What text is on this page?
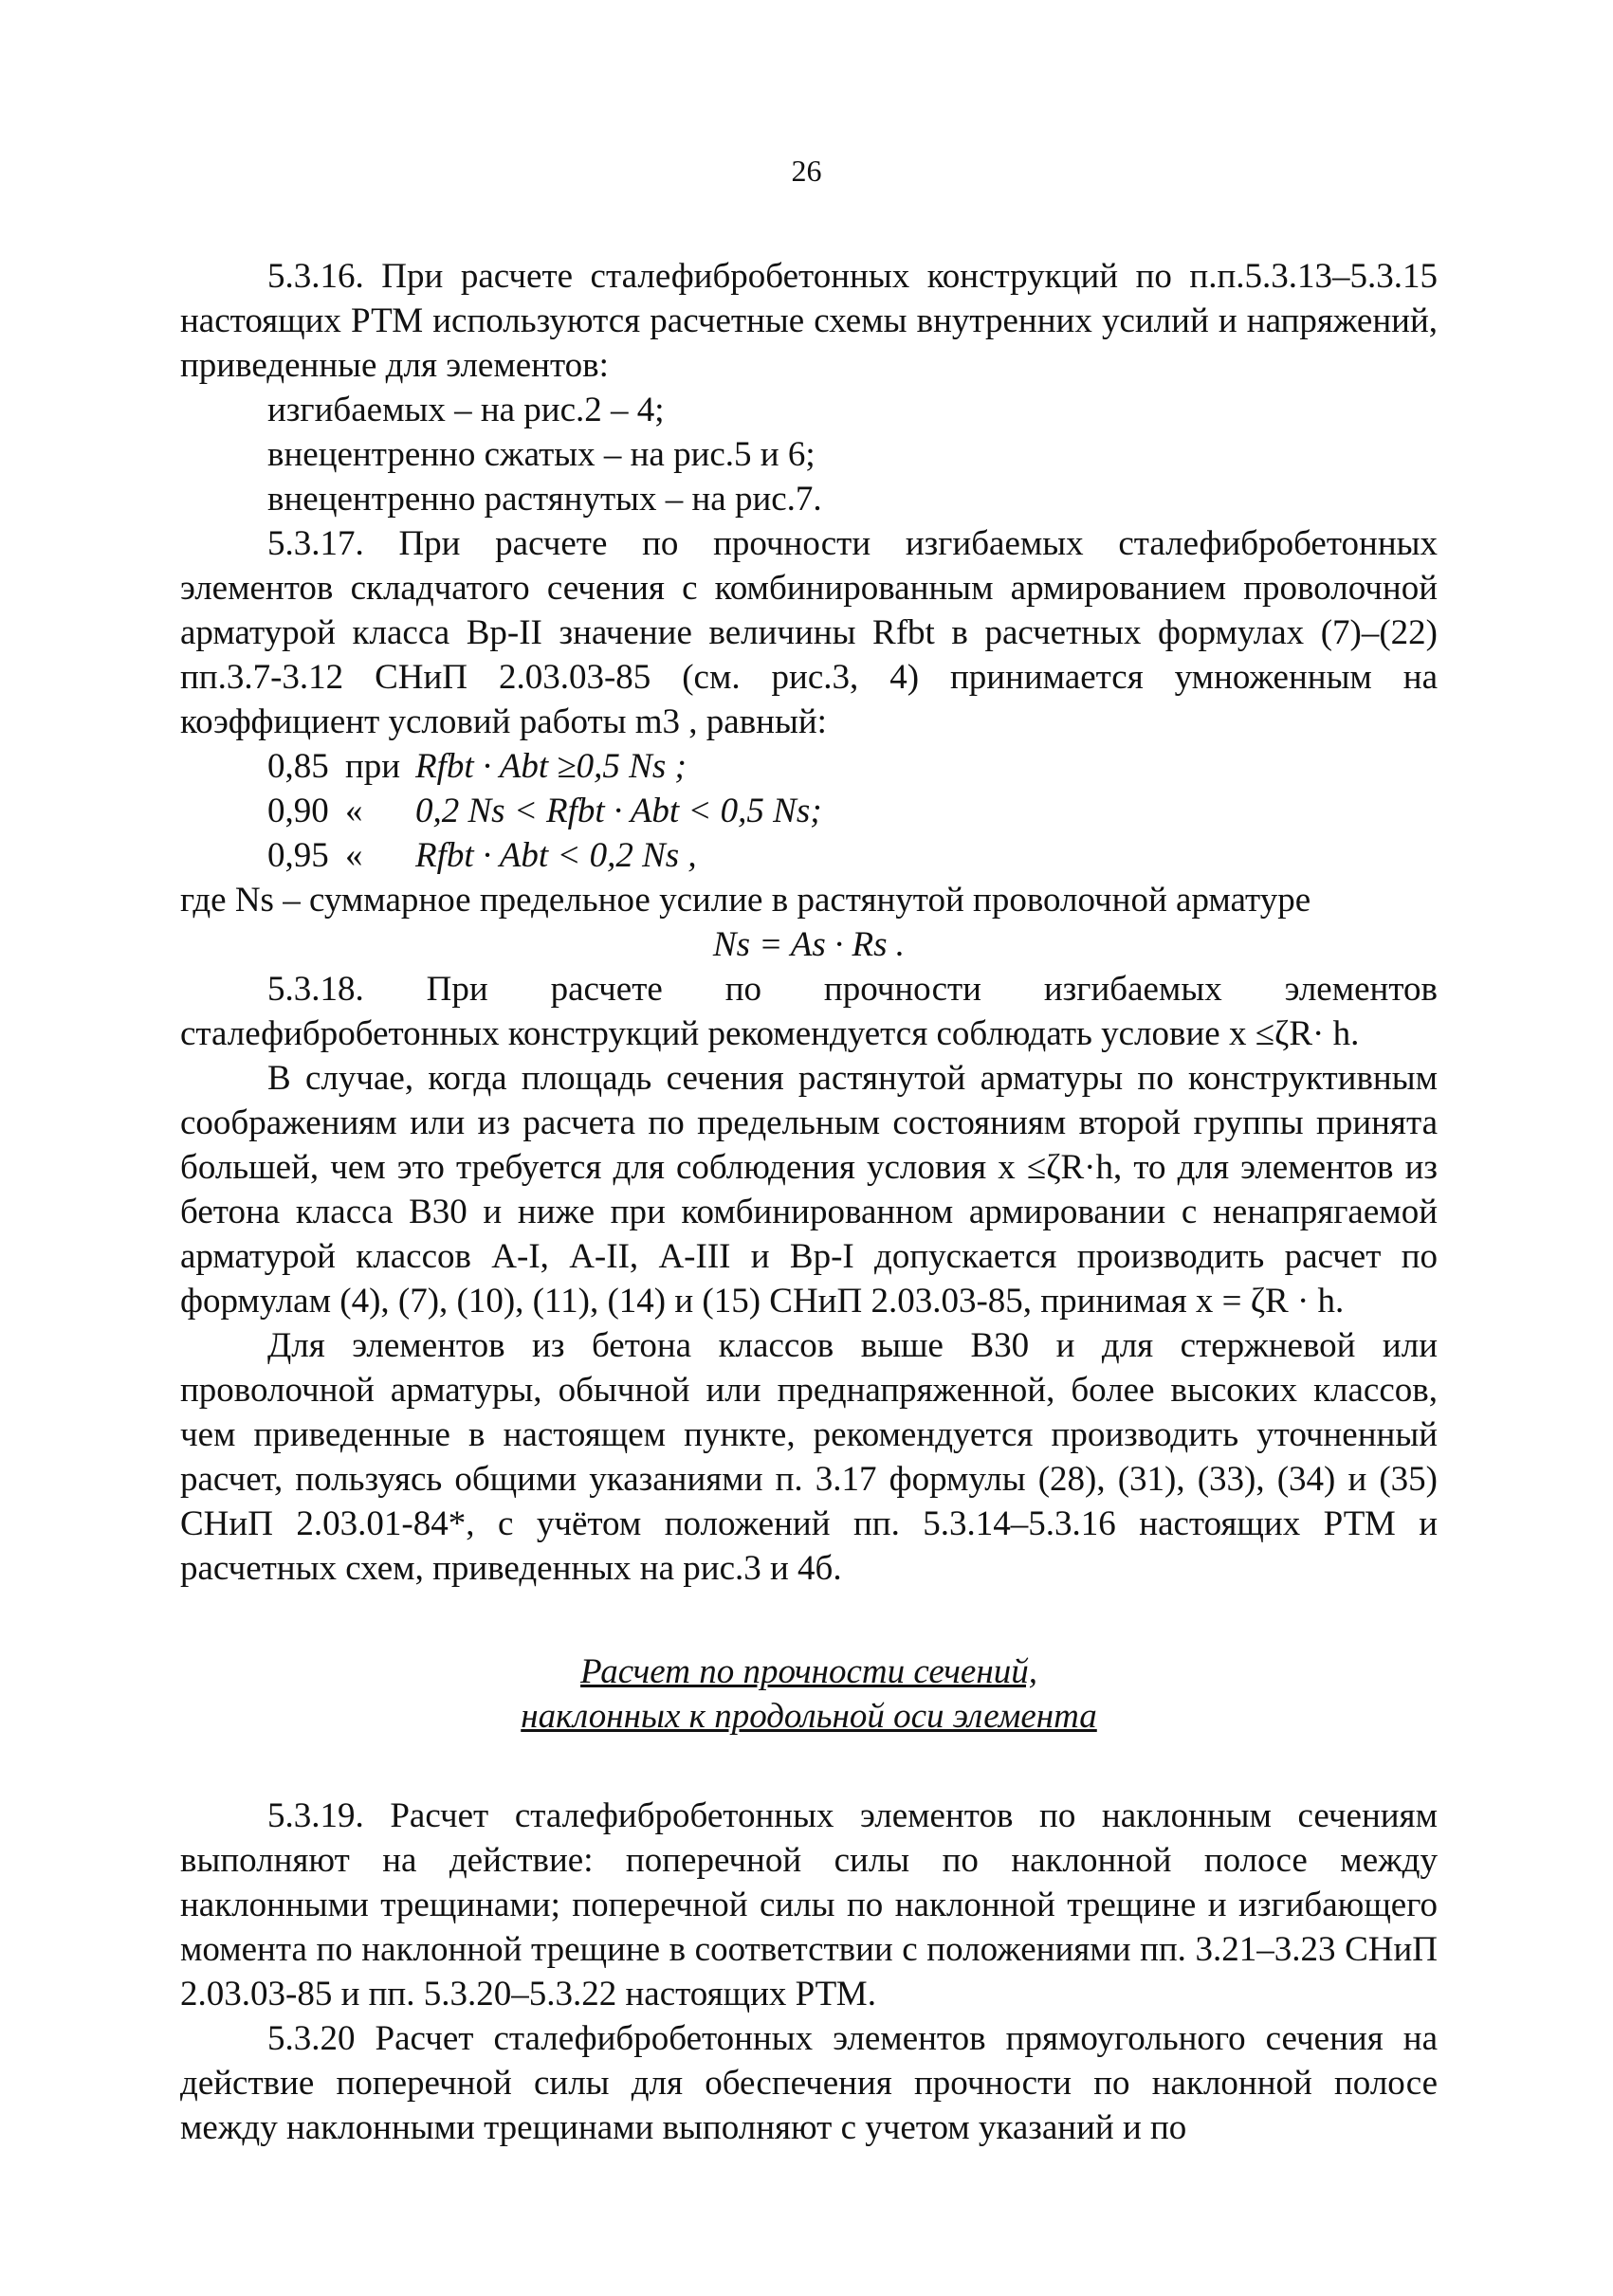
26

5.3.16. При расчете сталефибробетонных конструкций по п.п.5.3.13–5.3.15 настоящих РТМ используются расчетные схемы внутренних усилий и напряжений, приведенные для элементов:

изгибаемых – на рис.2 – 4;

внецентренно сжатых – на рис.5 и 6;

внецентренно растянутых – на рис.7.

5.3.17. При расчете по прочности изгибаемых сталефибробетонных элементов складчатого сечения с комбинированным армированием проволочной арматурой класса Вр-II значение величины Rfbt в расчетных формулах (7)–(22) пп.3.7-3.12 СНиП 2.03.03-85 (см. рис.3, 4) принимается умноженным на коэффициент условий работы m3 , равный:

0,85 при Rfbt · Abt ≥0,5 Ns ;
0,90 « 0,2 Ns < Rfbt · Abt < 0,5 Ns;
0,95 « Rfbt · Abt < 0,2 Ns ,

где Ns – суммарное предельное усилие в растянутой проволочной арматуре

Ns = As · Rs .

5.3.18. При расчете по прочности изгибаемых элементов сталефибробетонных конструкций рекомендуется соблюдать условие x ≤ζR· h.

В случае, когда площадь сечения растянутой арматуры по конструктивным соображениям или из расчета по предельным состояниям второй группы принята большей, чем это требуется для соблюдения условия x ≤ζR·h, то для элементов из бетона класса В30 и ниже при комбинированном армировании с ненапрягаемой арматурой классов А-I, А-II, А-III и Вр-I допускается производить расчет по формулам (4), (7), (10), (11), (14) и (15) СНиП 2.03.03-85, принимая x = ζR · h.

Для элементов из бетона классов выше В30 и для стержневой или проволочной арматуры, обычной или преднапряженной, более высоких классов, чем приведенные в настоящем пункте, рекомендуется производить уточненный расчет, пользуясь общими указаниями п. 3.17 формулы (28), (31), (33), (34) и (35) СНиП 2.03.01-84*, с учётом положений пп. 5.3.14–5.3.16 настоящих РТМ и расчетных схем, приведенных на рис.3 и 4б.

Расчет по прочности сечений,
наклонных к продольной оси элемента

5.3.19. Расчет сталефибробетонных элементов по наклонным сечениям выполняют на действие: поперечной силы по наклонной полосе между наклонными трещинами; поперечной силы по наклонной трещине и изгибающего момента по наклонной трещине в соответствии с положениями пп. 3.21–3.23 СНиП 2.03.03-85 и пп. 5.3.20–5.3.22 настоящих РТМ.

5.3.20 Расчет сталефибробетонных элементов прямоугольного сечения на действие поперечной силы для обеспечения прочности по наклонной полосе между наклонными трещинами выполняют с учетом указаний и по
